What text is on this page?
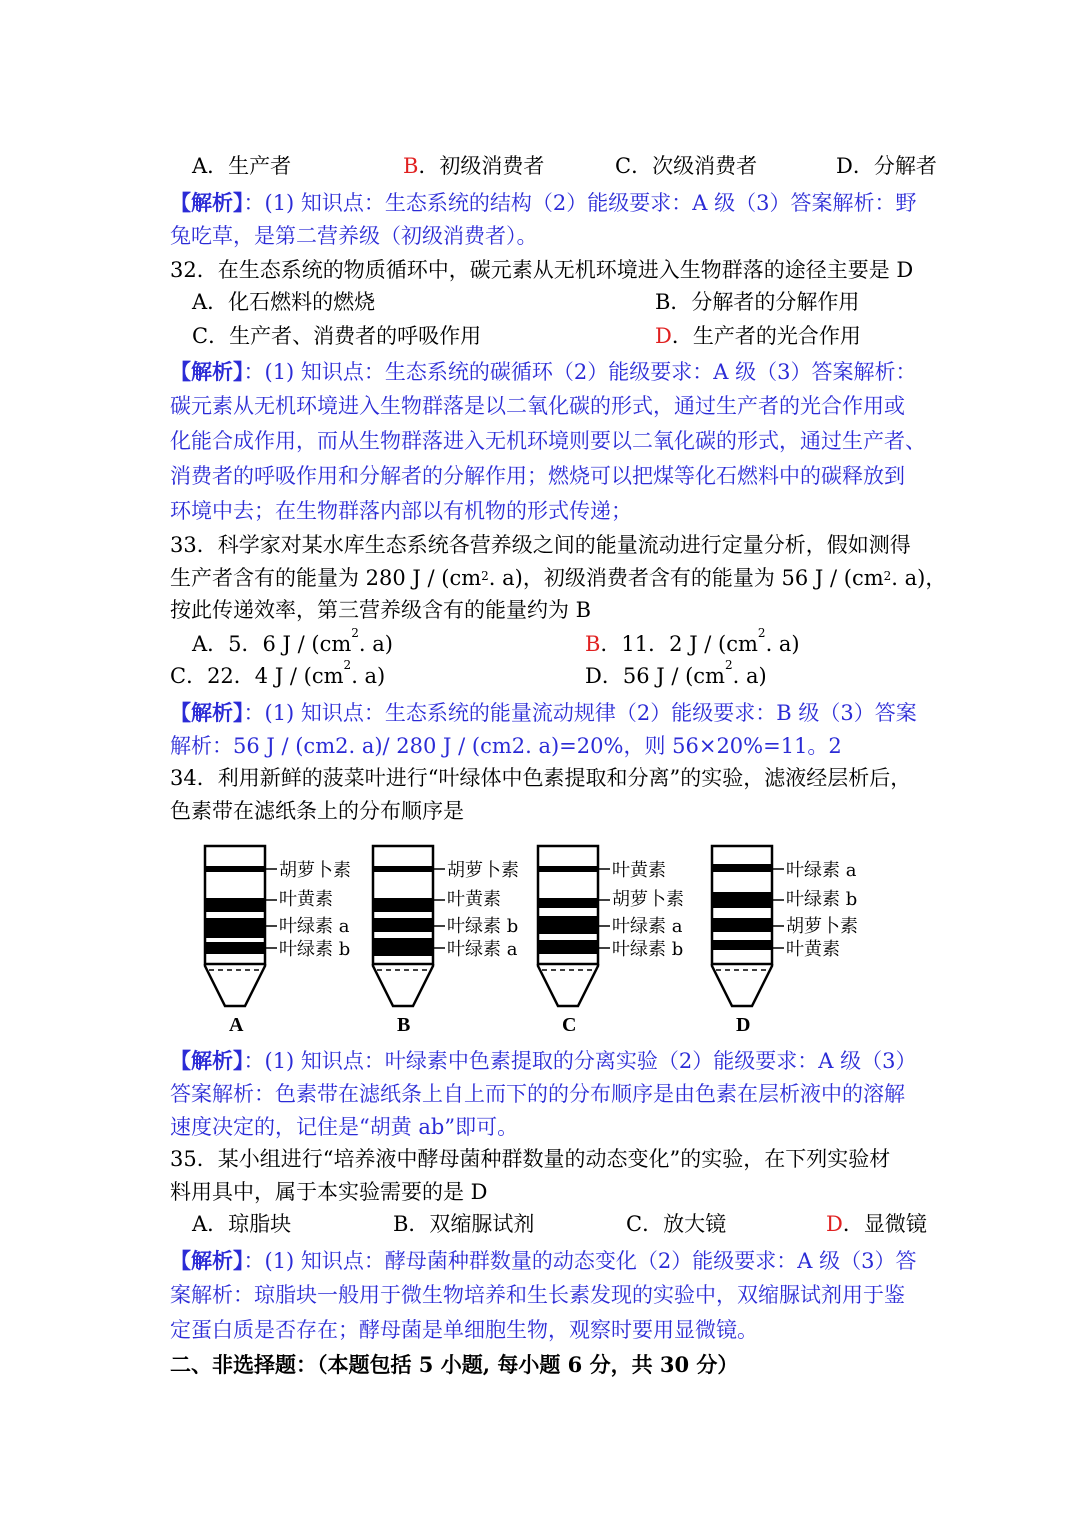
A．生产者	B．初级消费者	C．次级消费者	D．分解者
【解析】：(1) 知识点：生态系统的结构（2）能级要求：A 级（3）答案解析：野
兔吃草，是第二营养级（初级消费者）。
32．在生态系统的物质循环中，碳元素从无机环境进入生物群落的途径主要是 D
A．化石燃料的燃烧	B．分解者的分解作用
C．生产者、消费者的呼吸作用	D．生产者的光合作用
【解析】：(1) 知识点：生态系统的碳循环（2）能级要求：A 级（3）答案解析：
碳元素从无机环境进入生物群落是以二氧化碳的形式，通过生产者的光合作用或
化能合成作用，而从生物群落进入无机环境则要以二氧化碳的形式，通过生产者、
消费者的呼吸作用和分解者的分解作用；燃烧可以把煤等化石燃料中的碳释放到
环境中去；在生物群落内部以有机物的形式传递；
33．科学家对某水库生态系统各营养级之间的能量流动进行定量分析，假如测得
生产者含有的能量为 280 J / ($cm^2$. a)，初级消费者含有的能量为 56 J / ($cm^2$. a)，
按此传递效率，第三营养级含有的能量约为 B
A．5．6 J / ($cm^2$. a)	B．11．2 J / ($cm^2$. a)
C．22．4 J / ($cm^2$. a)	D．56 J / ($cm^2$. a)
【解析】：(1) 知识点：生态系统的能量流动规律（2）能级要求：B 级（3）答案
解析：56 J / (cm2. a)/ 280 J / (cm2. a)=20%，则 56×20%=11。2
34．利用新鲜的菠菜叶进行“叶绿体中色素提取和分离”的实验，滤液经层析后，
色素带在滤纸条上的分布顺序是
胡萝卜素
叶黄素
叶绿素 a
叶绿素 b
A
胡萝卜素
叶黄素
叶绿素 b
叶绿素 a
B
叶黄素
胡萝卜素
叶绿素 a
叶绿素 b
C
叶绿素 a
叶绿素 b
胡萝卜素
叶黄素
D
【解析】：(1) 知识点：叶绿素中色素提取的分离实验（2）能级要求：A 级（3）
答案解析：色素带在滤纸条上自上而下的的分布顺序是由色素在层析液中的溶解
速度决定的，记住是“胡黄 ab”即可。
35．某小组进行“培养液中酵母菌种群数量的动态变化”的实验，在下列实验材
料用具中，属于本实验需要的是 D
A．琼脂块	B．双缩脲试剂	C．放大镜	D．显微镜
【解析】：(1) 知识点：酵母菌种群数量的动态变化（2）能级要求：A 级（3）答
案解析：琼脂块一般用于微生物培养和生长素发现的实验中，双缩脲试剂用于鉴
定蛋白质是否存在；酵母菌是单细胞生物，观察时要用显微镜。
二、非选择题：（本题包括 5 小题, 每小题 6 分，共 30 分）
